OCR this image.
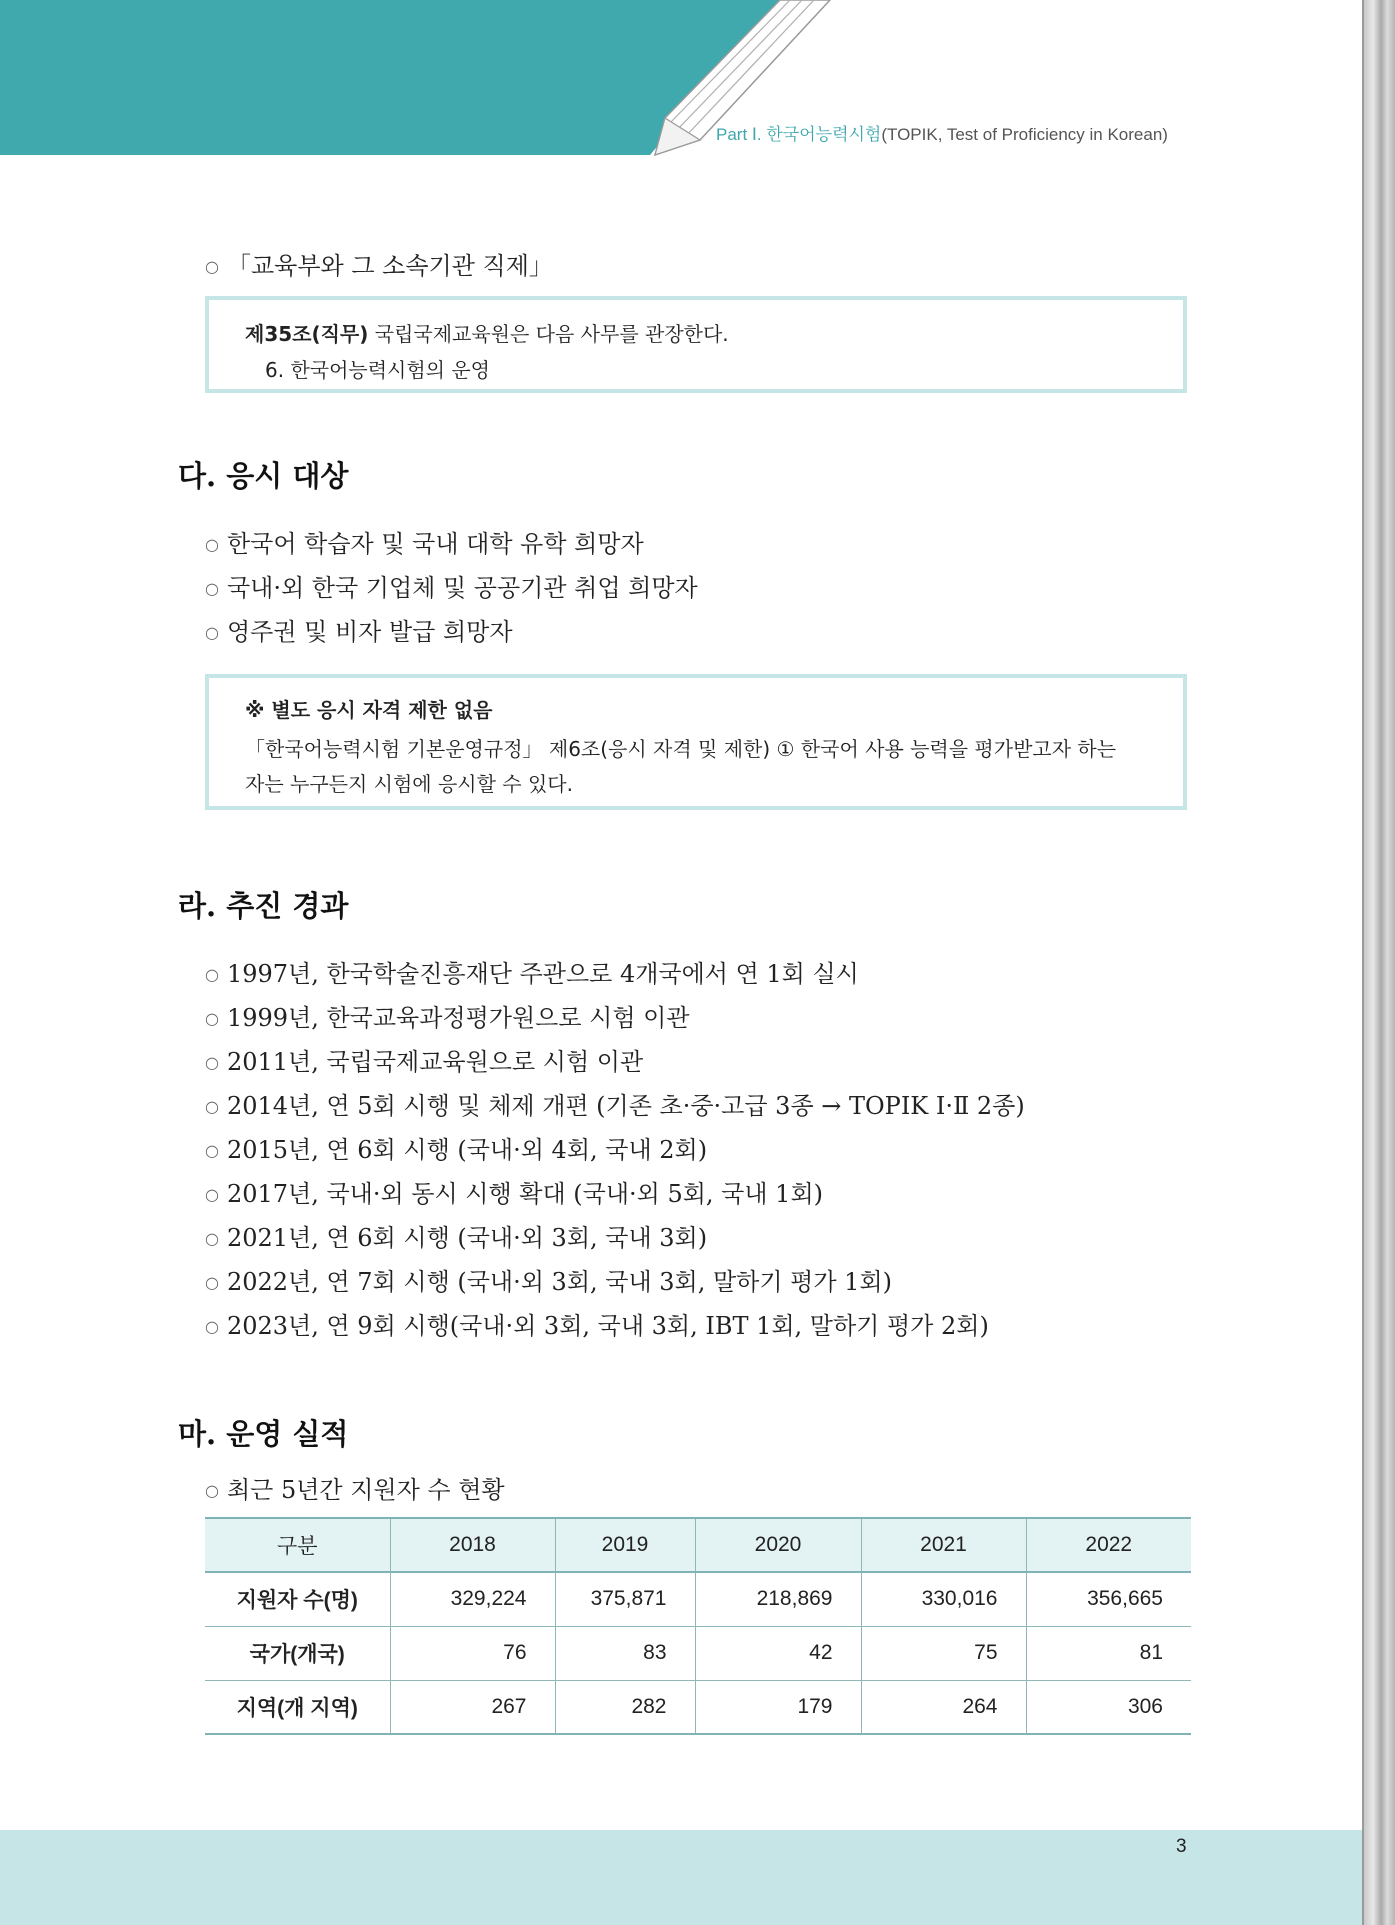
Part Ⅰ. 한국어능력시험(TOPIK, Test of Proficiency in Korean)
○ 「교육부와 그 소속기관 직제」
제35조(직무) 국립국제교육원은 다음 사무를 관장한다.
6. 한국어능력시험의 운영
다. 응시 대상
○ 한국어 학습자 및 국내 대학 유학 희망자
○ 국내·외 한국 기업체 및 공공기관 취업 희망자
○ 영주권 및 비자 발급 희망자
※ 별도 응시 자격 제한 없음
「한국어능력시험 기본운영규정」 제6조(응시 자격 및 제한) ① 한국어 사용 능력을 평가받고자 하는
자는 누구든지 시험에 응시할 수 있다.
라. 추진 경과
○ 1997년, 한국학술진흥재단 주관으로 4개국에서 연 1회 실시
○ 1999년, 한국교육과정평가원으로 시험 이관
○ 2011년, 국립국제교육원으로 시험 이관
○ 2014년, 연 5회 시행 및 체제 개편 (기존 초·중·고급 3종 → TOPIK Ⅰ·Ⅱ 2종)
○ 2015년, 연 6회 시행 (국내·외 4회, 국내 2회)
○ 2017년, 국내·외 동시 시행 확대 (국내·외 5회, 국내 1회)
○ 2021년, 연 6회 시행 (국내·외 3회, 국내 3회)
○ 2022년, 연 7회 시행 (국내·외 3회, 국내 3회, 말하기 평가 1회)
○ 2023년, 연 9회 시행(국내·외 3회, 국내 3회, IBT 1회, 말하기 평가 2회)
마. 운영 실적
○ 최근 5년간 지원자 수 현황
구분	2018	2019	2020	2021	2022
지원자 수(명)	329,224	375,871	218,869	330,016	356,665
국가(개국)	76	83	42	75	81
지역(개 지역)	267	282	179	264	306
3
